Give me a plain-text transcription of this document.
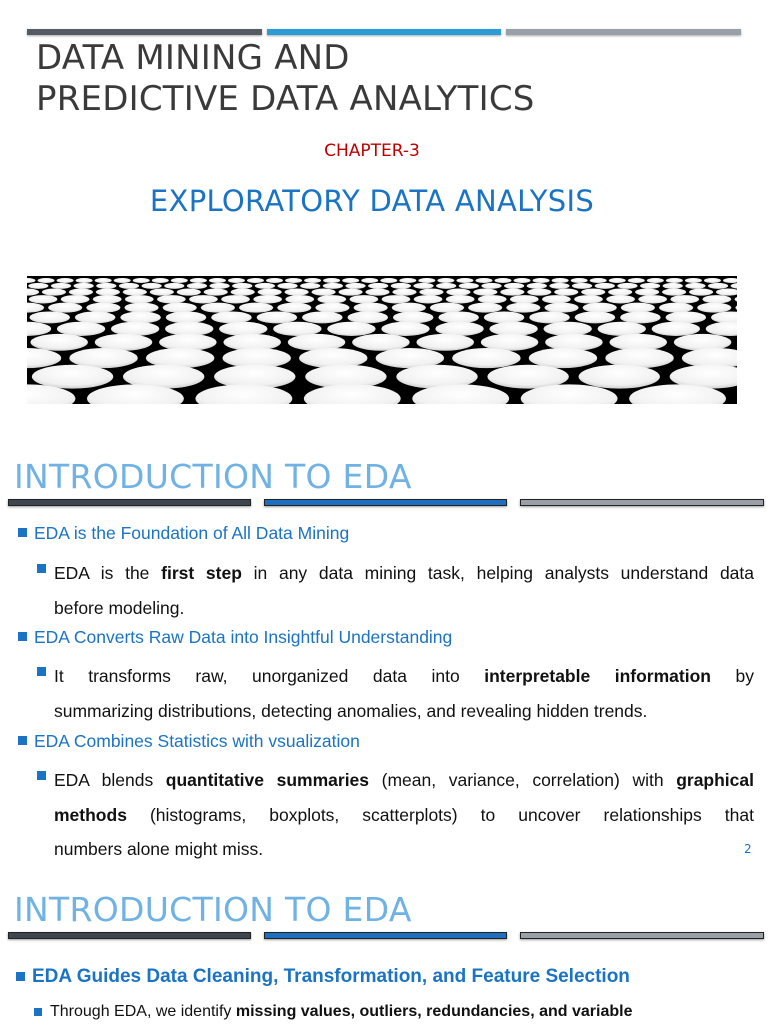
DATA MINING AND
PREDICTIVE DATA ANALYTICS
CHAPTER-3
EXPLORATORY DATA ANALYSIS
INTRODUCTION TO EDA
EDA is the Foundation of All Data Mining
EDA is the first step in any data mining task, helping analysts understand data
before modeling.
EDA Converts Raw Data into Insightful Understanding
It transforms raw, unorganized data into interpretable information by
summarizing distributions, detecting anomalies, and revealing hidden trends.
EDA Combines Statistics with vsualization
EDA blends quantitative summaries (mean, variance, correlation) with graphical
methods (histograms, boxplots, scatterplots) to uncover relationships that
numbers alone might miss.	2
INTRODUCTION TO EDA
EDA Guides Data Cleaning, Transformation, and Feature Selection
Through EDA, we identify missing values, outliers, redundancies, and variable
